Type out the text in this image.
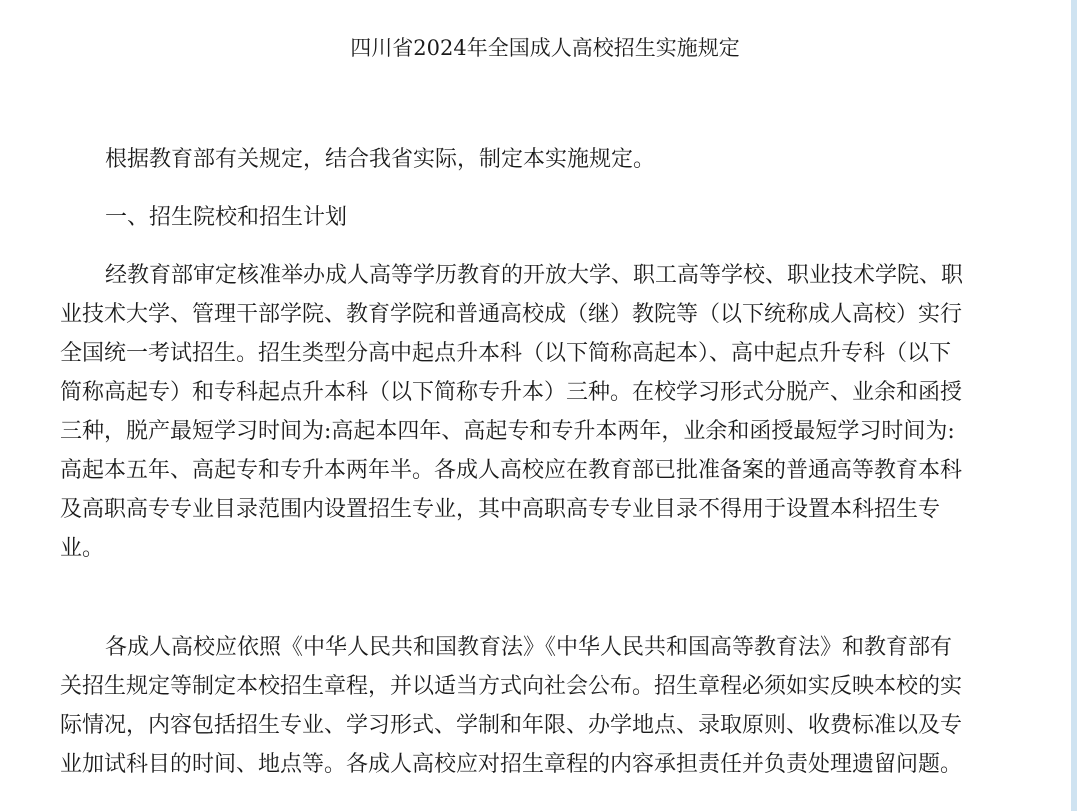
四川省2024年全国成人高校招生实施规定

根据教育部有关规定，结合我省实际，制定本实施规定。

一、招生院校和招生计划

经教育部审定核准举办成人高等学历教育的开放大学、职工高等学校、职业技术学院、职
业技术大学、管理干部学院、教育学院和普通高校成（继）教院等（以下统称成人高校）实行
全国统一考试招生。招生类型分高中起点升本科（以下简称高起本）、高中起点升专科（以下
简称高起专）和专科起点升本科（以下简称专升本）三种。在校学习形式分脱产、业余和函授
三种，脱产最短学习时间为:高起本四年、高起专和专升本两年，业余和函授最短学习时间为:
高起本五年、高起专和专升本两年半。各成人高校应在教育部已批准备案的普通高等教育本科
及高职高专专业目录范围内设置招生专业，其中高职高专专业目录不得用于设置本科招生专
业。

各成人高校应依照《中华人民共和国教育法》《中华人民共和国高等教育法》和教育部有
关招生规定等制定本校招生章程，并以适当方式向社会公布。招生章程必须如实反映本校的实
际情况，内容包括招生专业、学习形式、学制和年限、办学地点、录取原则、收费标准以及专
业加试科目的时间、地点等。各成人高校应对招生章程的内容承担责任并负责处理遗留问题。
